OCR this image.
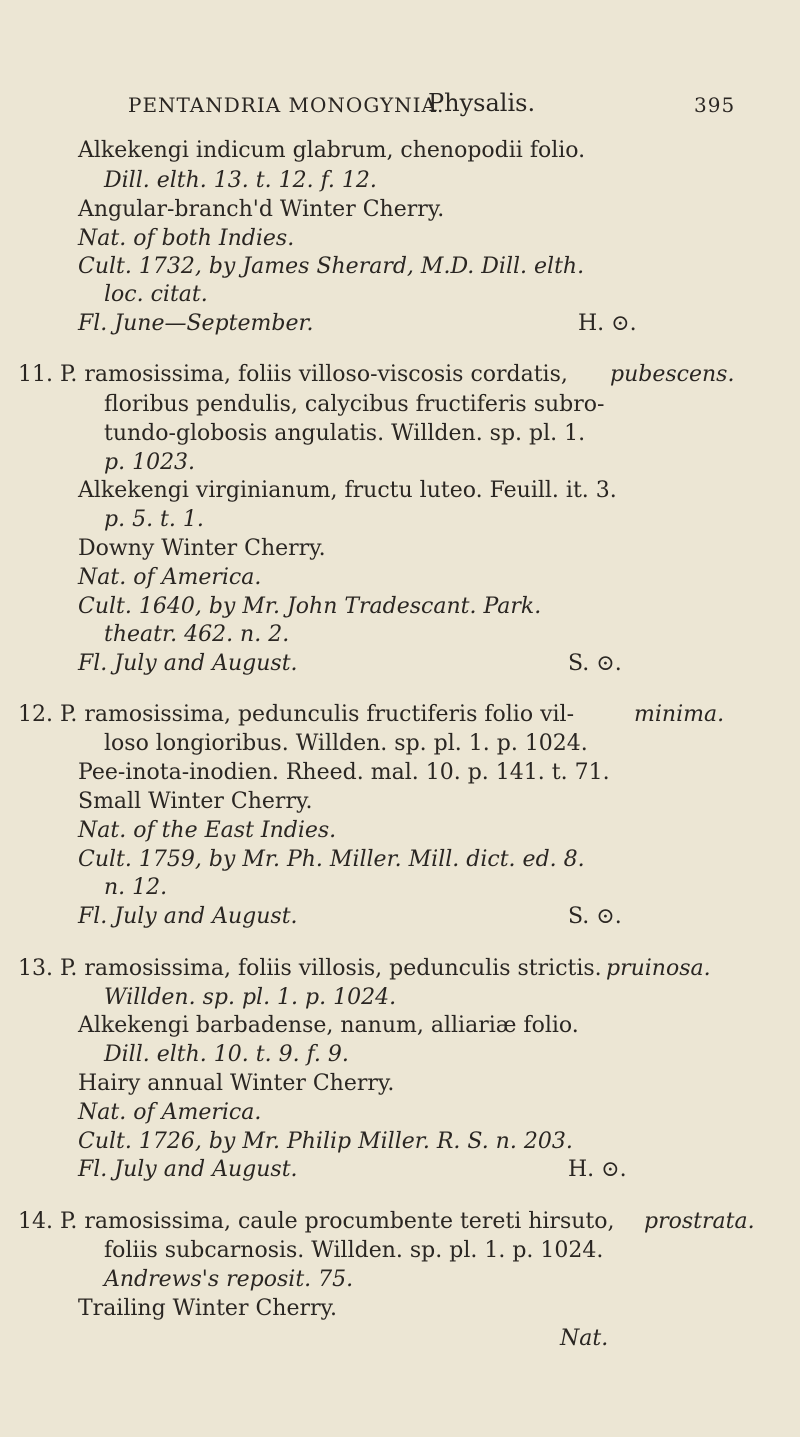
PENTANDRIA MONOGYNIA.
Physalis.	395
Alkekengi indicum glabrum, chenopodii folio.
Dill. elth. 13. t. 12. f. 12.
Angular-branch'd Winter Cherry.
Nat. of both Indies.
Cult. 1732, by James Sherard, M.D. Dill. elth.
loc. citat.
Fl. June—September.	H. ⊙.
11.	pubescens.
P. ramosissima, foliis villoso-viscosis cordatis,
floribus pendulis, calycibus fructiferis subro-
tundo-globosis angulatis. Willden. sp. pl. 1.
p. 1023.
Alkekengi virginianum, fructu luteo. Feuill. it. 3.
p. 5. t. 1.
Downy Winter Cherry.
Nat. of America.
Cult. 1640, by Mr. John Tradescant. Park.
theatr. 462. n. 2.
Fl. July and August.	S. ⊙.
12.	minima.
P. ramosissima, pedunculis fructiferis folio vil-
loso longioribus. Willden. sp. pl. 1. p. 1024.
Pee-inota-inodien. Rheed. mal. 10. p. 141. t. 71.
Small Winter Cherry.
Nat. of the East Indies.
Cult. 1759, by Mr. Ph. Miller. Mill. dict. ed. 8.
n. 12.
Fl. July and August.	S. ⊙.
13.	pruinosa.
P. ramosissima, foliis villosis, pedunculis strictis.
Willden. sp. pl. 1. p. 1024.
Alkekengi barbadense, nanum, alliariæ folio.
Dill. elth. 10. t. 9. f. 9.
Hairy annual Winter Cherry.
Nat. of America.
Cult. 1726, by Mr. Philip Miller. R. S. n. 203.
Fl. July and August.	H. ⊙.
14.	prostrata.
P. ramosissima, caule procumbente tereti hirsuto,
foliis subcarnosis. Willden. sp. pl. 1. p. 1024.
Andrews's reposit. 75.
Trailing Winter Cherry.
Nat.
